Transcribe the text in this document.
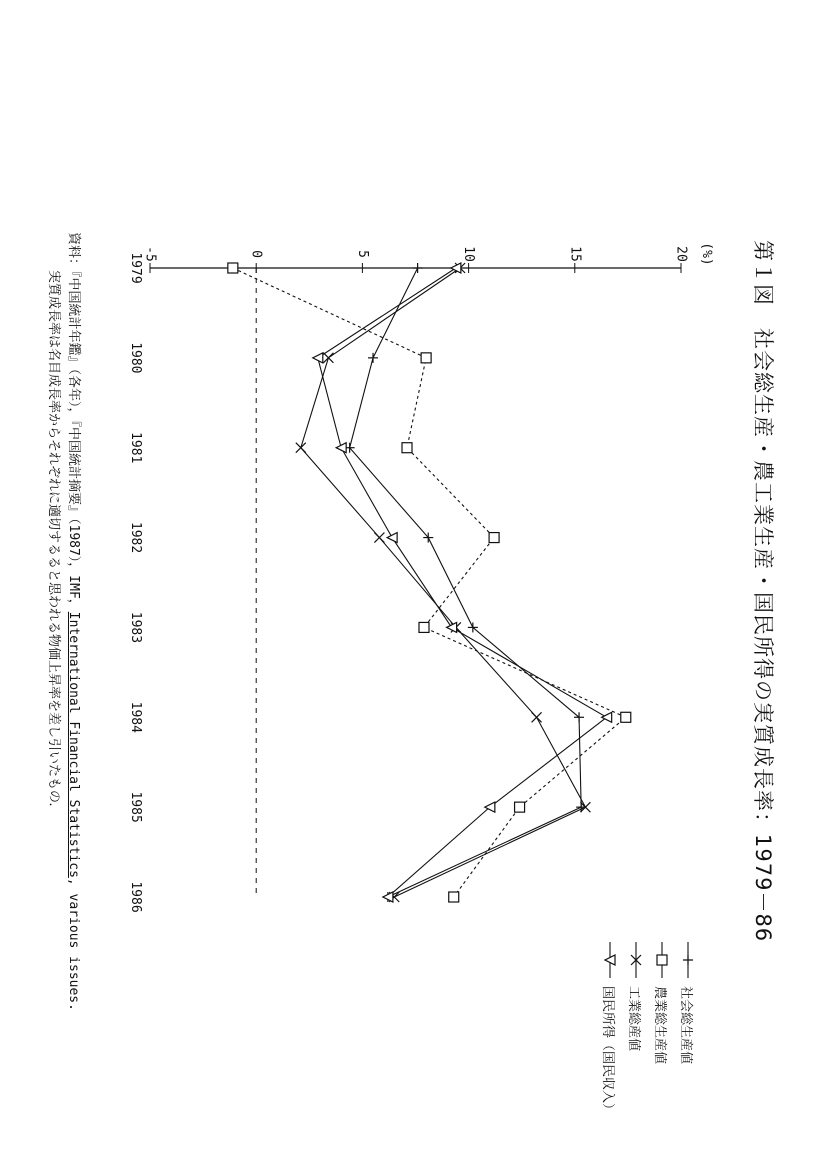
第１図　社会総生産・農工業生産・国民所得の実質成長率：1979－86
-5	0	5	10	15	20 (%)
1979
1980
1981
1982
1983
1984
1985
1986
社会総生産値
農業総生産値
工業総産値
国民所得（国民収入）
資料：『中国統計年鑑』（各年），『中国統計摘要』（1987），IMF，International Financial Statistics, various issues.
実質成長率は名目成長率からそれぞれに適切するると思われる物価上昇率を差し引いたもの．
